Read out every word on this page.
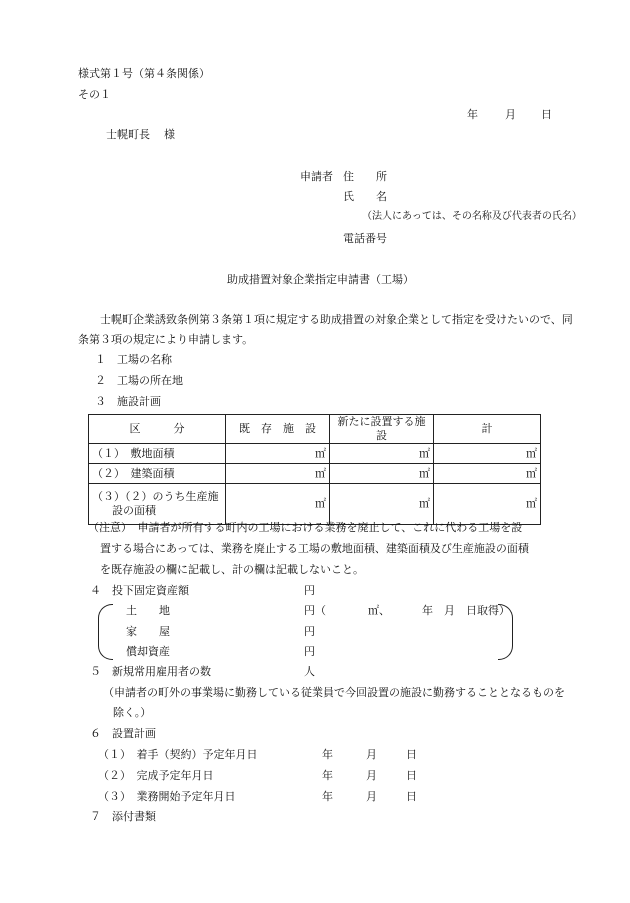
様式第１号（第４条関係）
その１
年 月 日
士幌町長 様
申請者 住　　所
氏　　名
（法人にあっては、その名称及び代表者の氏名）
電話番号
助成措置対象企業指定申請書（工場）
士幌町企業誘致条例第３条第１項に規定する助成措置の対象企業として指定を受けたいので、同
条第３項の規定により申請します。
１　工場の名称
２　工場の所在地
３　施設計画
区　　　分	既　存　施　設	新たに設置する施設	計
（１）　敷地面積	㎡	㎡	㎡
（２）　建築面積	㎡	㎡	㎡

（３）（２）のうち生産施
設の面積	㎡	㎡	㎡
（注意）　申請者が所有する町内の工場における業務を廃止して、これに代わる工場を設
置する場合にあっては、業務を廃止する工場の敷地面積、建築面積及び生産施設の面積
を既存施設の欄に記載し、計の欄は記載しないこと。
４　投下固定資産額	円
土　　地	円（	㎡、	年　月　日取得）
家　　屋	円
償却資産	円
５　新規常用雇用者の数	人
（申請者の町外の事業場に勤務している従業員で今回設置の施設に勤務することとなるものを
除く。）
６　設置計画
（１）　着手（契約）予定年月日	年	月	日
（２）　完成予定年月日	年	月	日
（３）　業務開始予定年月日	年	月	日
７　添付書類
